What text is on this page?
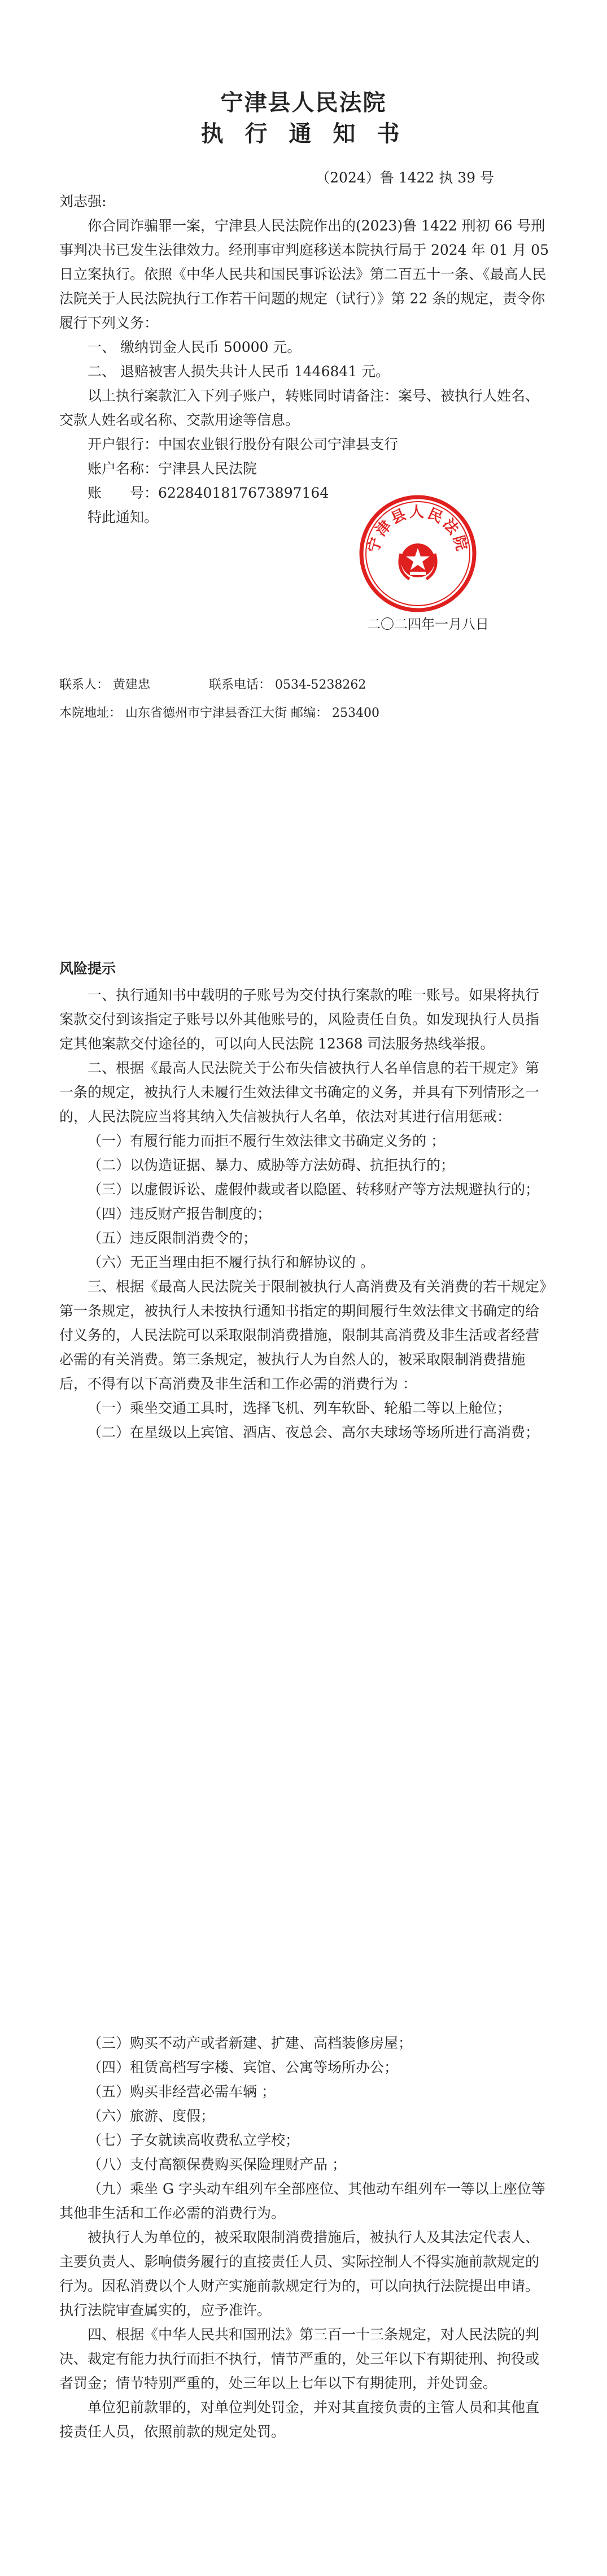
宁津县人民法院
执 行 通 知 书
（2024）鲁 1422 执 39 号

刘志强:

你合同诈骗罪一案，宁津县人民法院作出的(2023)鲁 1422 刑初 66 号刑事判决书已发生法律效力。经刑事审判庭移送本院执行局于 2024 年 01 月 05 日立案执行。依照《中华人民共和国民事诉讼法》第二百五十一条、《最高人民法院关于人民法院执行工作若干问题的规定（试行）》第 22 条的规定，责令你履行下列义务：

一、 缴纳罚金人民币 50000 元。

二、 退赔被害人损失共计人民币 1446841 元。

以上执行案款汇入下列子账户，转账同时请备注：案号、被执行人姓名、交款人姓名或名称、交款用途等信息。

开户银行：中国农业银行股份有限公司宁津县支行

账户名称：宁津县人民法院

账　　号：6228401817673897164

特此通知。

宁津县人民法院
二〇二四年一月八日
联系人： 黄建忠	联系电话： 0534-5238262
本院地址： 山东省德州市宁津县香江大街 邮编： 253400
风险提示

一、执行通知书中载明的子账号为交付执行案款的唯一账号。如果将执行案款交付到该指定子账号以外其他账号的，风险责任自负。如发现执行人员指定其他案款交付途径的，可以向人民法院 12368 司法服务热线举报。

二、根据《最高人民法院关于公布失信被执行人名单信息的若干规定》第一条的规定，被执行人未履行生效法律文书确定的义务，并具有下列情形之一的，人民法院应当将其纳入失信被执行人名单，依法对其进行信用惩戒：

（一）有履行能力而拒不履行生效法律文书确定义务的 ；

（二）以伪造证据、暴力、威胁等方法妨碍、抗拒执行的；

（三）以虚假诉讼、虚假仲裁或者以隐匿、转移财产等方法规避执行的；

（四）违反财产报告制度的；

（五）违反限制消费令的；

（六）无正当理由拒不履行执行和解协议的 。

三、根据《最高人民法院关于限制被执行人高消费及有关消费的若干规定》第一条规定，被执行人未按执行通知书指定的期间履行生效法律文书确定的给付义务的，人民法院可以采取限制消费措施，限制其高消费及非生活或者经营必需的有关消费。第三条规定，被执行人为自然人的，被采取限制消费措施后，不得有以下高消费及非生活和工作必需的消费行为 ：

（一）乘坐交通工具时，选择飞机、列车软卧、轮船二等以上舱位；

（二）在星级以上宾馆、酒店、夜总会、高尔夫球场等场所进行高消费；

（三）购买不动产或者新建、扩建、高档装修房屋；

（四）租赁高档写字楼、宾馆、公寓等场所办公；

（五）购买非经营必需车辆 ；

（六）旅游、度假；

（七）子女就读高收费私立学校；

（八）支付高额保费购买保险理财产品 ；

（九）乘坐 G 字头动车组列车全部座位、其他动车组列车一等以上座位等其他非生活和工作必需的消费行为。

被执行人为单位的，被采取限制消费措施后，被执行人及其法定代表人、主要负责人、影响债务履行的直接责任人员、实际控制人不得实施前款规定的行为。因私消费以个人财产实施前款规定行为的，可以向执行法院提出申请。执行法院审查属实的，应予准许。

四、根据《中华人民共和国刑法》第三百一十三条规定，对人民法院的判决、裁定有能力执行而拒不执行，情节严重的，处三年以下有期徒刑、拘役或者罚金；情节特别严重的，处三年以上七年以下有期徒刑，并处罚金。

单位犯前款罪的，对单位判处罚金，并对其直接负责的主管人员和其他直接责任人员，依照前款的规定处罚。
